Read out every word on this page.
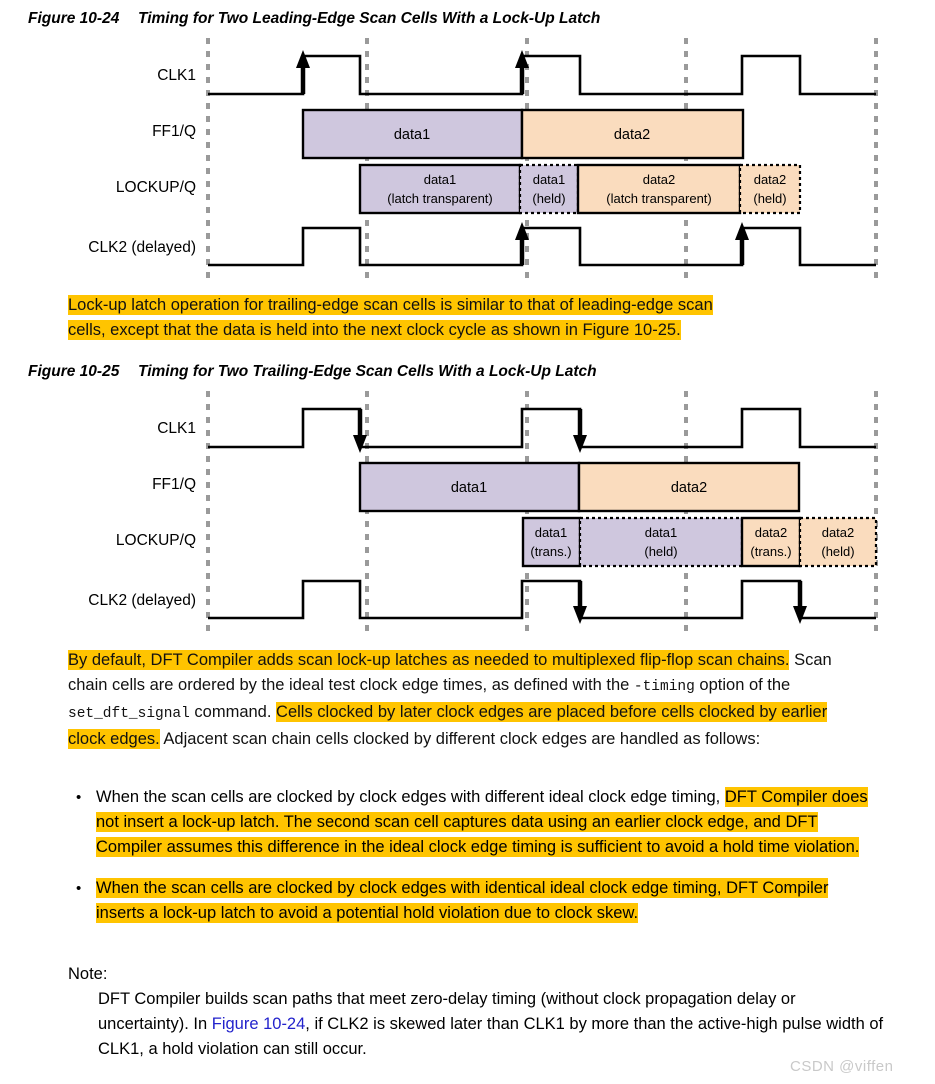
Figure 10-24 Timing for Two Leading-Edge Scan Cells With a Lock-Up Latch
CLK1
FF1/Q
LOCKUP/Q
CLK2 (delayed)
data1	data2
data1
(latch transparent)
data1
(held)
data2
(latch transparent)
data2
(held)
Lock-up latch operation for trailing-edge scan cells is similar to that of leading-edge scan
cells, except that the data is held into the next clock cycle as shown in Figure 10-25.
Figure 10-25 Timing for Two Trailing-Edge Scan Cells With a Lock-Up Latch
CLK1
FF1/Q
LOCKUP/Q
CLK2 (delayed)
data1	data2
data1
(trans.)
data1
(held)
data2
(trans.)
data2
(held)
By default, DFT Compiler adds scan lock-up latches as needed to multiplexed flip-flop scan chains. Scan chain cells are ordered by the ideal test clock edge times, as defined with the -timing option of the set_dft_signal command. Cells clocked by later clock edges are placed before cells clocked by earlier clock edges. Adjacent scan chain cells clocked by different clock edges are handled as follows:
• When the scan cells are clocked by clock edges with different ideal clock edge timing, DFT Compiler does not insert a lock-up latch. The second scan cell captures data using an earlier clock edge, and DFT Compiler assumes this difference in the ideal clock edge timing is sufficient to avoid a hold time violation.
• When the scan cells are clocked by clock edges with identical ideal clock edge timing, DFT Compiler inserts a lock-up latch to avoid a potential hold violation due to clock skew.
Note:
DFT Compiler builds scan paths that meet zero-delay timing (without clock propagation delay or uncertainty). In Figure 10-24, if CLK2 is skewed later than CLK1 by more than the active-high pulse width of CLK1, a hold violation can still occur.
CSDN @viffen
